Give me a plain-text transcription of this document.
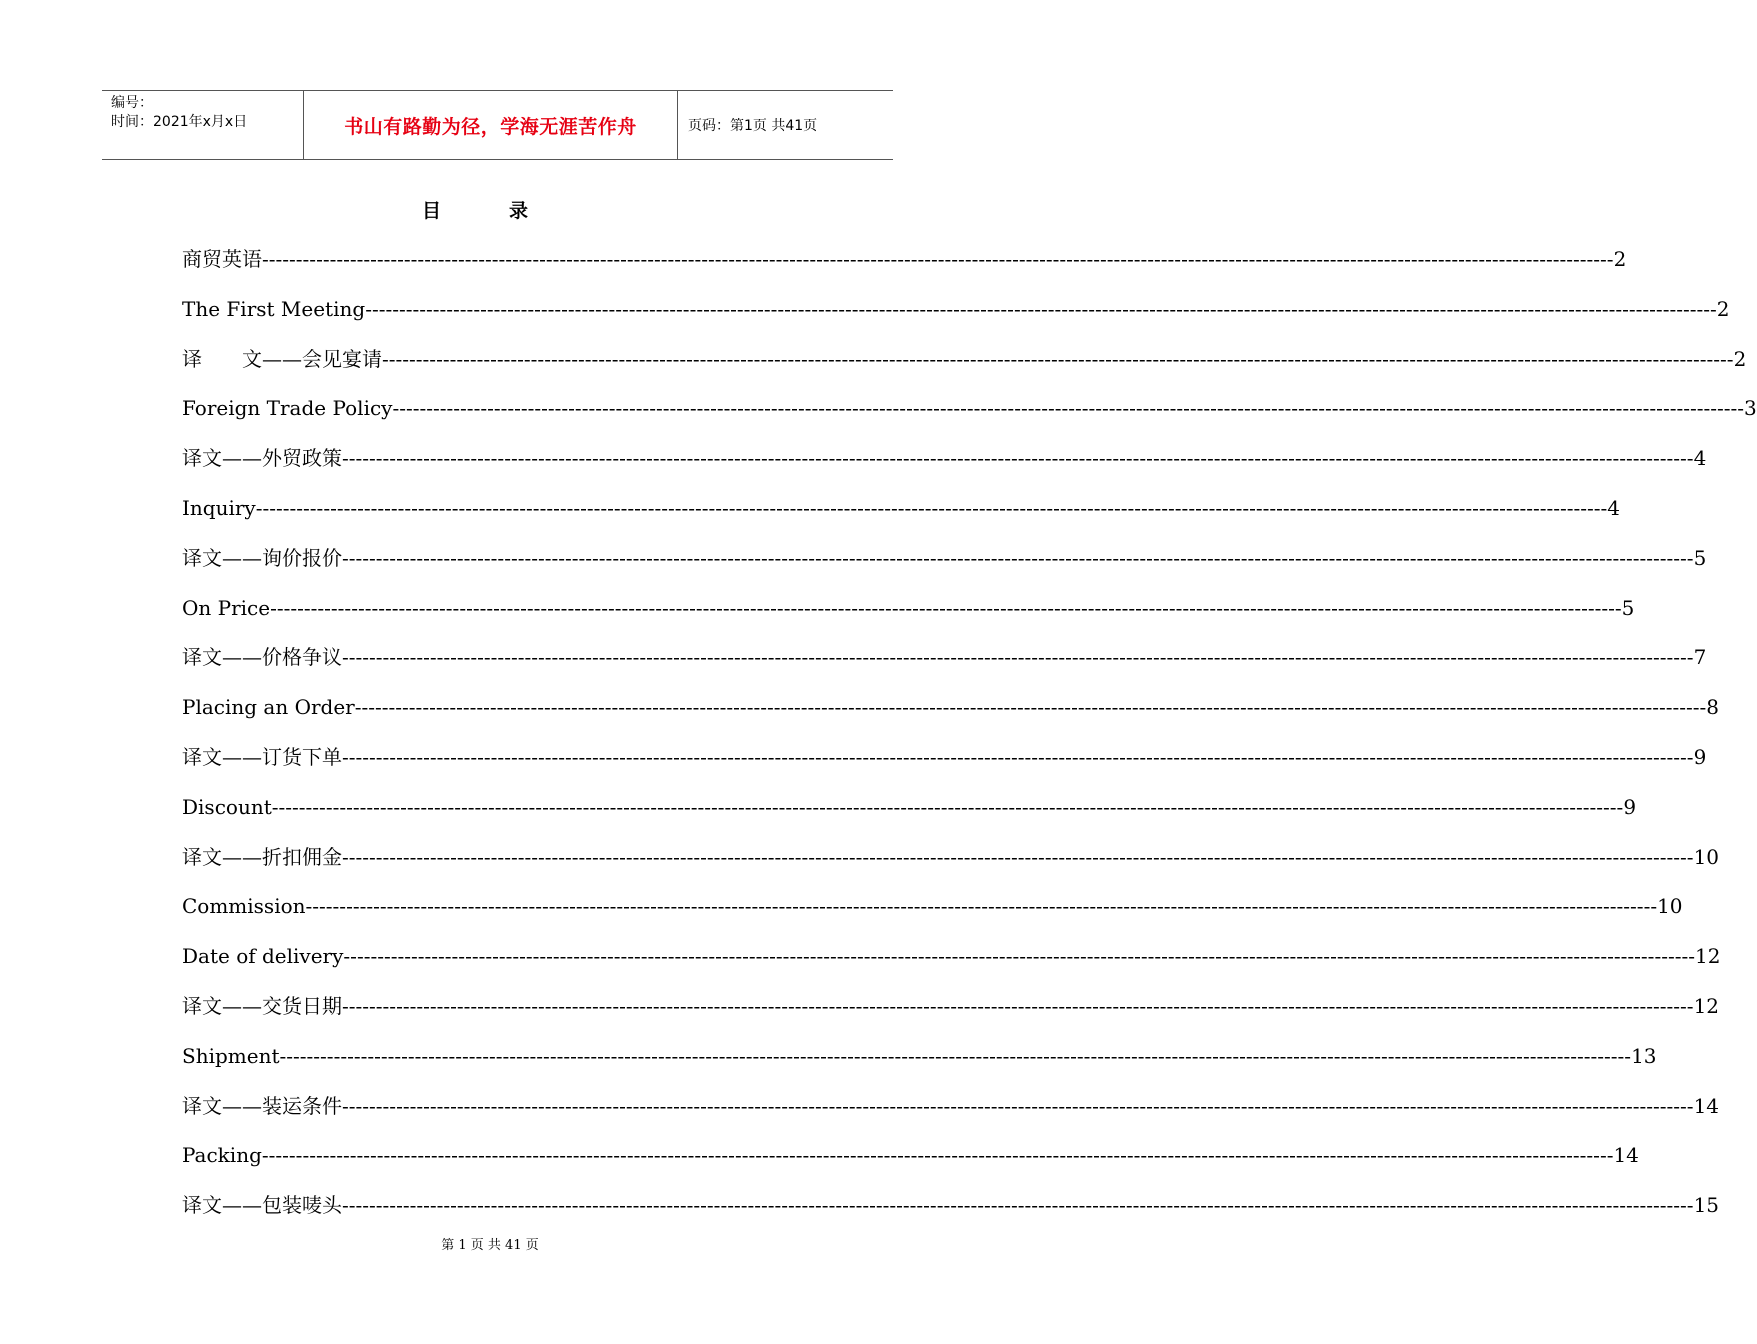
编号：
时间：2021年x月x日	书山有路勤为径，学海无涯苦作舟	页码：第1页 共41页
目录
商贸英语 -------------------------------------------------------------------------------------------------------------------------------------------------------------------------------------------------------- 2
The First Meeting -------------------------------------------------------------------------------------------------------------------------------------------------------------------------------------------------------- 2
译　　文——会见宴请 -------------------------------------------------------------------------------------------------------------------------------------------------------------------------------------------------------- 2
Foreign Trade Policy -------------------------------------------------------------------------------------------------------------------------------------------------------------------------------------------------------- 3
译文——外贸政策 -------------------------------------------------------------------------------------------------------------------------------------------------------------------------------------------------------- 4
Inquiry -------------------------------------------------------------------------------------------------------------------------------------------------------------------------------------------------------- 4
译文——询价报价 -------------------------------------------------------------------------------------------------------------------------------------------------------------------------------------------------------- 5
On Price -------------------------------------------------------------------------------------------------------------------------------------------------------------------------------------------------------- 5
译文——价格争议 -------------------------------------------------------------------------------------------------------------------------------------------------------------------------------------------------------- 7
Placing an Order -------------------------------------------------------------------------------------------------------------------------------------------------------------------------------------------------------- 8
译文——订货下单 -------------------------------------------------------------------------------------------------------------------------------------------------------------------------------------------------------- 9
Discount -------------------------------------------------------------------------------------------------------------------------------------------------------------------------------------------------------- 9
译文——折扣佣金 -------------------------------------------------------------------------------------------------------------------------------------------------------------------------------------------------------- 10
Commission -------------------------------------------------------------------------------------------------------------------------------------------------------------------------------------------------------- 10
Date of delivery -------------------------------------------------------------------------------------------------------------------------------------------------------------------------------------------------------- 12
译文——交货日期 -------------------------------------------------------------------------------------------------------------------------------------------------------------------------------------------------------- 12
Shipment -------------------------------------------------------------------------------------------------------------------------------------------------------------------------------------------------------- 13
译文——装运条件 -------------------------------------------------------------------------------------------------------------------------------------------------------------------------------------------------------- 14
Packing -------------------------------------------------------------------------------------------------------------------------------------------------------------------------------------------------------- 14
译文——包装唛头 -------------------------------------------------------------------------------------------------------------------------------------------------------------------------------------------------------- 15
第 1 页 共 41 页
